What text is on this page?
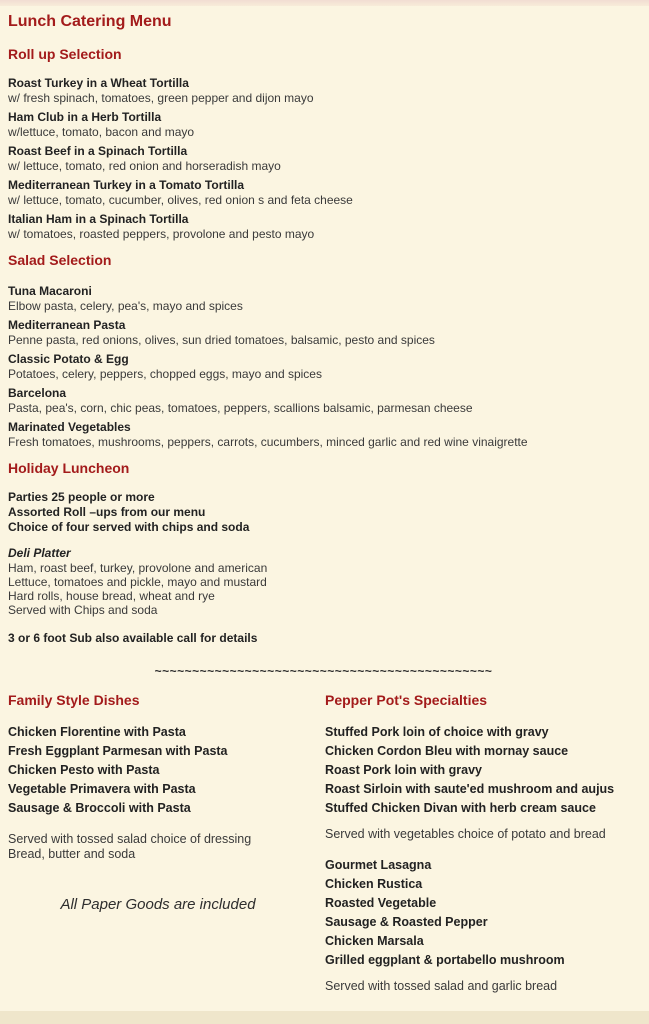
Lunch Catering Menu
Roll up Selection
Roast Turkey in a Wheat Tortilla
w/ fresh spinach, tomatoes, green pepper and dijon mayo
Ham Club in a Herb Tortilla
w/lettuce, tomato, bacon and mayo
Roast Beef in a Spinach Tortilla
w/ lettuce, tomato, red onion and horseradish mayo
Mediterranean Turkey in a Tomato Tortilla
w/ lettuce, tomato, cucumber, olives, red onion s and feta cheese
Italian Ham in a Spinach Tortilla
w/ tomatoes, roasted peppers, provolone and pesto mayo
Salad Selection
Tuna Macaroni
Elbow pasta, celery, pea's, mayo and spices
Mediterranean Pasta
Penne pasta, red onions, olives, sun dried tomatoes, balsamic, pesto and spices
Classic Potato & Egg
Potatoes, celery, peppers, chopped eggs, mayo and spices
Barcelona
Pasta, pea's, corn, chic peas, tomatoes, peppers, scallions balsamic, parmesan cheese
Marinated Vegetables
Fresh tomatoes, mushrooms, peppers, carrots, cucumbers, minced garlic and red wine vinaigrette
Holiday Luncheon
Parties 25 people or more
Assorted Roll –ups from our menu
Choice of four served with chips and soda
Deli Platter
Ham, roast beef, turkey, provolone and american
Lettuce, tomatoes and pickle, mayo and mustard
Hard rolls, house bread, wheat and rye
Served with Chips and soda
3 or 6 foot Sub also available call for details
~~~~~~~~~~~~~~~~~~~~~~~~~~~~~~~~~~~~~~~~~~~~~
Family Style Dishes
Chicken Florentine with Pasta
Fresh Eggplant Parmesan with Pasta
Chicken Pesto with Pasta
Vegetable Primavera with Pasta
Sausage & Broccoli with Pasta
Served with tossed salad choice of dressing
Bread, butter and soda
All Paper Goods are included
Pepper Pot's Specialties
Stuffed Pork loin of choice with gravy
Chicken Cordon Bleu with mornay sauce
Roast Pork loin with gravy
Roast Sirloin with saute'ed mushroom and aujus
Stuffed Chicken Divan with herb cream sauce
Served with vegetables choice of potato and bread
Gourmet Lasagna
Chicken Rustica
Roasted Vegetable
Sausage & Roasted Pepper
Chicken Marsala
Grilled eggplant & portabello mushroom
Served with tossed salad and garlic bread
